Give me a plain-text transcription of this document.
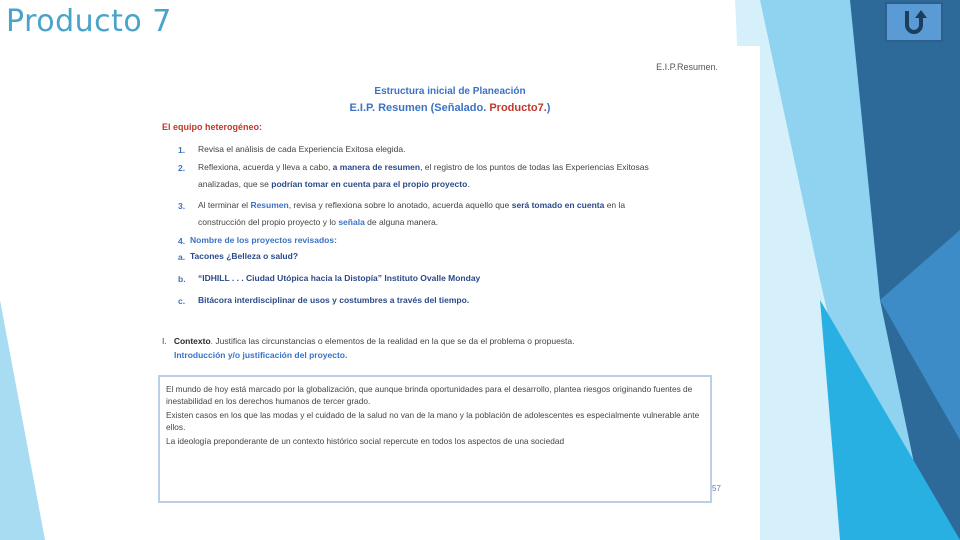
Producto 7
E.I.P.Resumen.
Estructura inicial de Planeación
E.I.P. Resumen (Señalado. Producto7.)
El equipo heterogéneo:
1. Revisa el análisis de cada Experiencia Exitosa elegida.
2. Reflexiona, acuerda y lleva a cabo, a manera de resumen, el registro de los puntos de todas las Experiencias Exitosas
analizadas, que se podrían tomar en cuenta para el propio proyecto.
3. Al terminar el Resumen, revisa y reflexiona sobre lo anotado, acuerda aquello que será tomado en cuenta en la
construcción del propio proyecto y lo señala de alguna manera.
4. Nombre de los proyectos revisados:
a. Tacones ¿Belleza o salud?
b. “IDHILL . . . Ciudad Utópica hacia la Distopía” Instituto Ovalle Monday
c. Bitácora interdisciplinar de usos y costumbres a través del tiempo.
I. Contexto. Justifica las circunstancias o elementos de la realidad en la que se da el problema o propuesta.
Introducción y/o justificación del proyecto.

El mundo de hoy está marcado por la globalización, que aunque brinda oportunidades para el desarrollo, plantea riesgos originando fuentes de inestabilidad en los derechos humanos de tercer grado.

Existen casos en los que las modas y el cuidado de la salud no van de la mano y la población de adolescentes es especialmente vulnerable ante ellos.

La ideología preponderante de un contexto histórico social repercute en todos los aspectos de una sociedad

57
